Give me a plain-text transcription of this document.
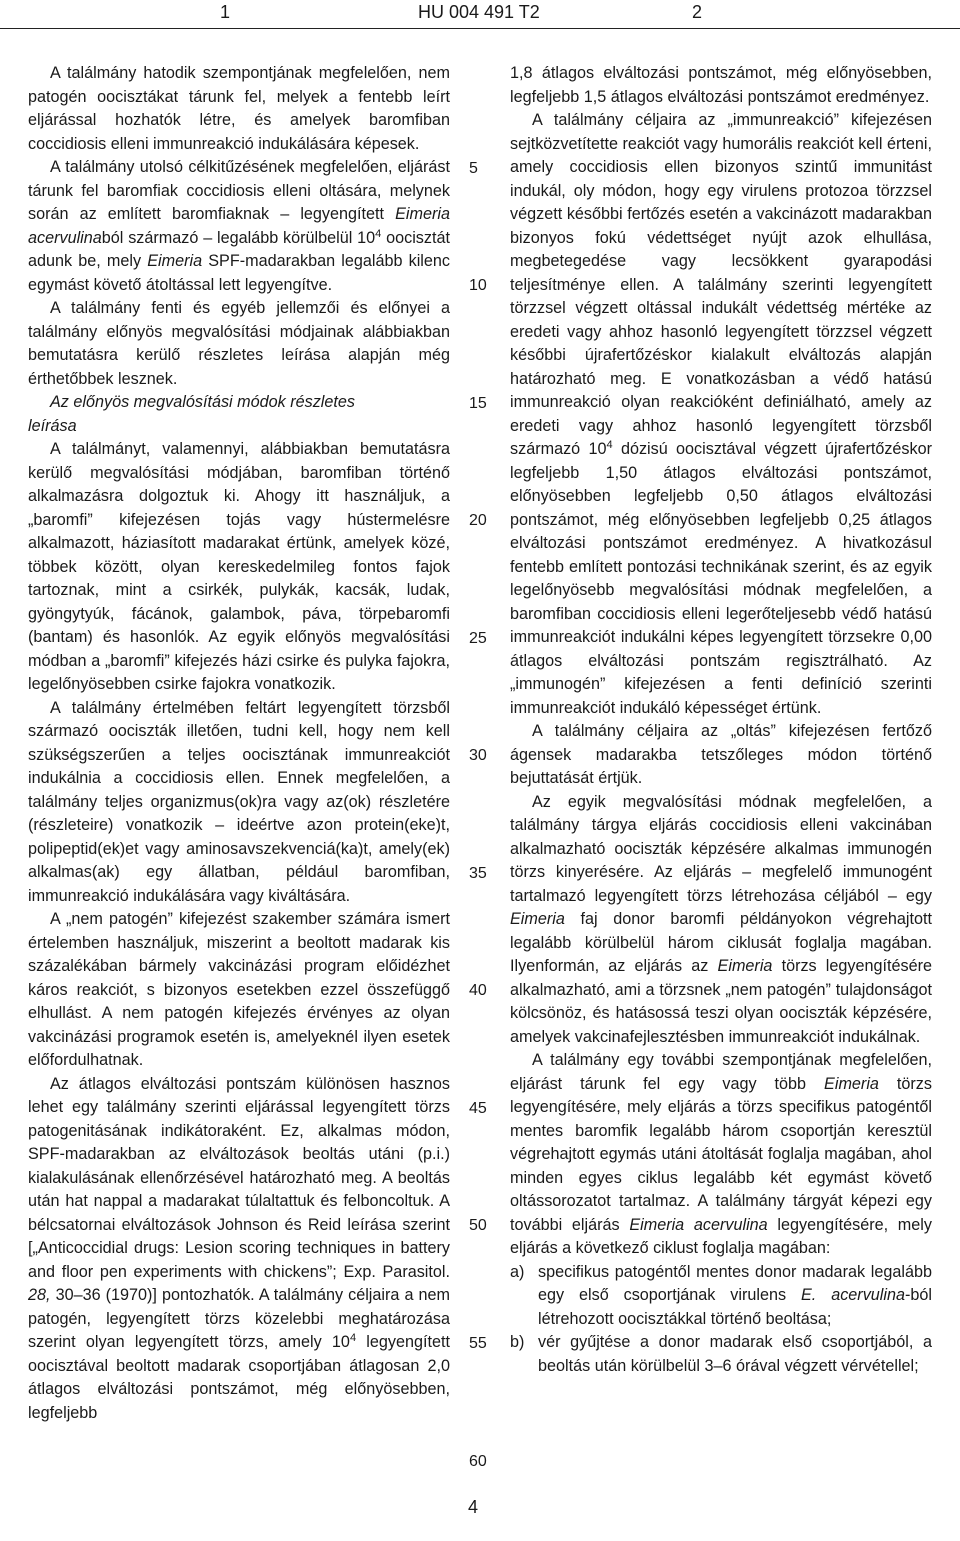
1	HU 004 491 T2	2

A találmány hatodik szempontjának megfelelően, nem patogén oocisztákat tárunk fel, melyek a fentebb leírt eljárással hozhatók létre, és amelyek baromfiban coccidiosis elleni immunreakció indukálására képesek.

A találmány utolsó célkitűzésének megfelelően, eljárást tárunk fel baromfiak coccidiosis elleni oltására, melynek során az említett baromfiaknak – legyengített Eimeria acervulinaból származó – legalább körülbelül $10^4$ oocisztát adunk be, mely Eimeria SPF-madarakban legalább kilenc egymást követő átoltással lett legyengítve.

A találmány fenti és egyéb jellemzői és előnyei a találmány előnyös megvalósítási módjainak alábbiakban bemutatásra kerülő részletes leírása alapján még érthetőbbek lesznek.

Az előnyös megvalósítási módok részletes
leírása

A találmányt, valamennyi, alábbiakban bemutatásra kerülő megvalósítási módjában, baromfiban történő alkalmazásra dolgoztuk ki. Ahogy itt használjuk, a „baromfi” kifejezésen tojás vagy hústermelésre alkalmazott, háziasított madarakat értünk, amelyek közé, többek között, olyan kereskedelmileg fontos fajok tartoznak, mint a csirkék, pulykák, kacsák, ludak, gyöngytyúk, fácánok, galambok, páva, törpebaromfi (bantam) és hasonlók. Az egyik előnyös megvalósítási módban a „baromfi” kifejezés házi csirke és pulyka fajokra, legelőnyösebben csirke fajokra vonatkozik.

A találmány értelmében feltárt legyengített törzsből származó oociszták illetően, tudni kell, hogy nem kell szükségszerűen a teljes oocisztának immunreakciót indukálnia a coccidiosis ellen. Ennek megfelelően, a találmány teljes organizmus(ok)ra vagy az(ok) részletére (részleteire) vonatkozik – ideértve azon protein(eke)t, polipeptid(ek)et vagy aminosavszekvenciá(ka)t, amely(ek) alkalmas(ak) egy állatban, például baromfiban, immunreakció indukálására vagy kiváltására.

A „nem patogén” kifejezést szakember számára ismert értelemben használjuk, miszerint a beoltott madarak kis százalékában bármely vakcinázási program előidézhet káros reakciót, s bizonyos esetekben ezzel összefüggő elhullást. A nem patogén kifejezés érvényes az olyan vakcinázási programok esetén is, amelyeknél ilyen esetek előfordulhatnak.

Az átlagos elváltozási pontszám különösen hasznos lehet egy találmány szerinti eljárással legyengített törzs patogenitásának indikátoraként. Ez, alkalmas módon, SPF-madarakban az elváltozások beoltás utáni (p.i.) kialakulásának ellenőrzésével határozható meg. A beoltás után hat nappal a madarakat túlaltattuk és felboncoltuk. A bélcsatornai elváltozások Johnson és Reid leírása szerint [„Anticoccidial drugs: Lesion scoring techniques in battery and floor pen experiments with chickens”; Exp. Parasitol. 28, 30–36 (1970)] pontozhatók. A találmány céljaira a nem patogén, legyengített törzs közelebbi meghatározása szerint olyan legyengített törzs, amely $10^4$ legyengített oocisztával beoltott madarak csoportjában átlagosan 2,0 átlagos elváltozási pontszámot, még előnyösebben, legfeljebb

1,8 átlagos elváltozási pontszámot, még előnyösebben, legfeljebb 1,5 átlagos elváltozási pontszámot eredményez.

A találmány céljaira az „immunreakció” kifejezésen sejtközvetítette reakciót vagy humorális reakciót kell érteni, amely coccidiosis ellen bizonyos szintű immunitást indukál, oly módon, hogy egy virulens protozoa törzzsel végzett későbbi fertőzés esetén a vakcinázott madarakban bizonyos fokú védettséget nyújt azok elhullása, megbetegedése vagy lecsökkent gyarapodási teljesítménye ellen. A találmány szerinti legyengített törzzsel végzett oltással indukált védettség mértéke az eredeti vagy ahhoz hasonló legyengített törzzsel végzett későbbi újrafertőzéskor kialakult elváltozás alapján határozható meg. E vonatkozásban a védő hatású immunreakció olyan reakcióként definiálható, amely az eredeti vagy ahhoz hasonló legyengített törzsből származó $10^4$ dózisú oocisztával végzett újrafertőzéskor legfeljebb 1,50 átlagos elváltozási pontszámot, előnyösebben legfeljebb 0,50 átlagos elváltozási pontszámot, még előnyösebben legfeljebb 0,25 átlagos elváltozási pontszámot eredményez. A hivatkozásul fentebb említett pontozási technikának szerint, és az egyik legelőnyösebb megvalósítási módnak megfelelően, a baromfiban coccidiosis elleni legerőteljesebb védő hatású immunreakciót indukálni képes legyengített törzsekre 0,00 átlagos elváltozási pontszám regisztrálható. Az „immunogén” kifejezésen a fenti definíció szerinti immunreakciót indukáló képességet értünk.

A találmány céljaira az „oltás” kifejezésen fertőző ágensek madarakba tetszőleges módon történő bejuttatását értjük.

Az egyik megvalósítási módnak megfelelően, a találmány tárgya eljárás coccidiosis elleni vakcinában alkalmazható oociszták képzésére alkalmas immunogén törzs kinyerésére. Az eljárás – megfelelő immunogént tartalmazó legyengített törzs létrehozása céljából – egy Eimeria faj donor baromfi példányokon végrehajtott legalább körülbelül három ciklusát foglalja magában. Ilyenformán, az eljárás az Eimeria törzs legyengítésére alkalmazható, ami a törzsnek „nem patogén” tulajdonságot kölcsönöz, és hatásossá teszi olyan oociszták képzésére, amelyek vakcinafejlesztésben immunreakciót indukálnak.

A találmány egy további szempontjának megfelelően, eljárást tárunk fel egy vagy több Eimeria törzs legyengítésére, mely eljárás a törzs specifikus patogéntől mentes baromfik legalább három csoportján keresztül végrehajtott egymás utáni átoltását foglalja magában, ahol minden egyes ciklus legalább két egymást követő oltássorozatot tartalmaz. A találmány tárgyát képezi egy további eljárás Eimeria acervulina legyengítésére, mely eljárás a következő ciklust foglalja magában:

a) specifikus patogéntől mentes donor madarak legalább egy első csoportjának virulens E. acervulina-ból létrehozott oocisztákkal történő beoltása;
b) vér gyűjtése a donor madarak első csoportjából, a beoltás után körülbelül 3–6 órával végzett vérvétellel;
5
10
15
20
25
30
35
40
45
50
55
60
4
